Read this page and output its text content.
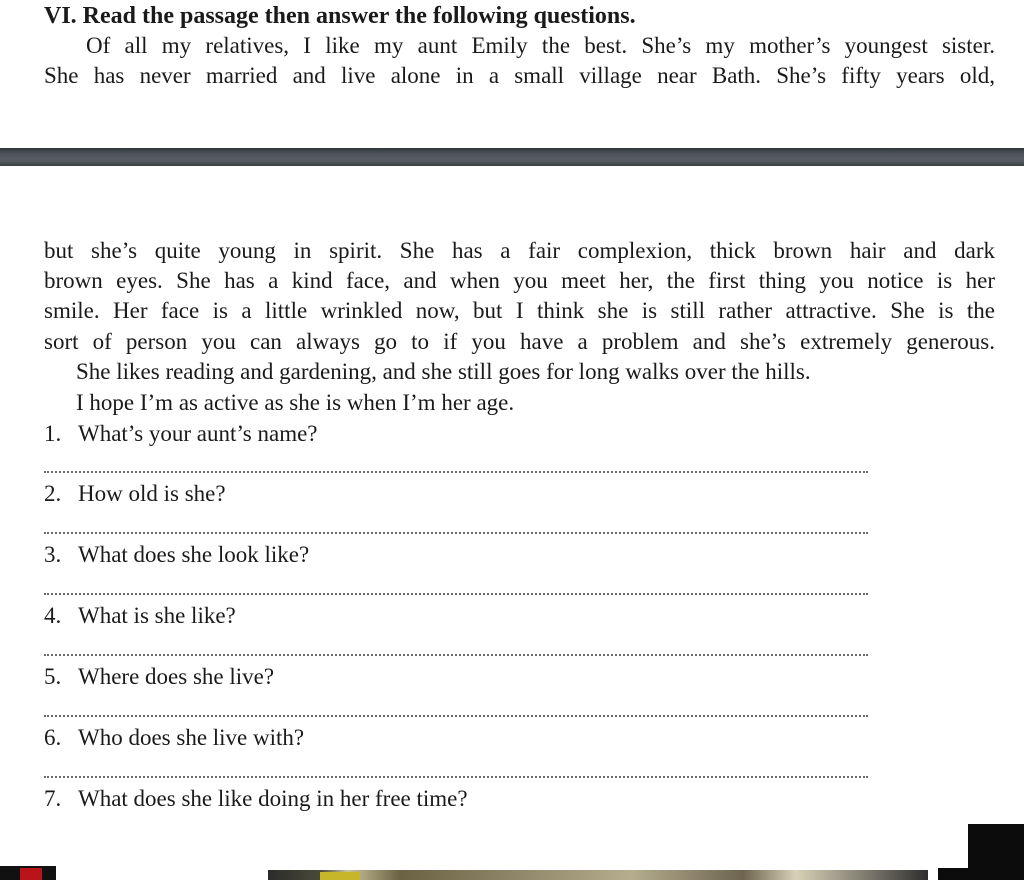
VI. Read the passage then answer the following questions.
Of all my relatives, I like my aunt Emily the best. She’s my mother’s youngest sister.
She has never married and live alone in a small village near Bath. She’s fifty years old,
but she’s quite young in spirit. She has a fair complexion, thick brown hair and dark
brown eyes. She has a kind face, and when you meet her, the first thing you notice is her
smile. Her face is a little wrinkled now, but I think she is still rather attractive. She is the
sort of person you can always go to if you have a problem and she’s extremely generous.
She likes reading and gardening, and she still goes for long walks over the hills.
I hope I’m as active as she is when I’m her age.
1. What’s your aunt’s name?
2. How old is she?
3. What does she look like?
4. What is she like?
5. Where does she live?
6. Who does she live with?
7. What does she like doing in her free time?
